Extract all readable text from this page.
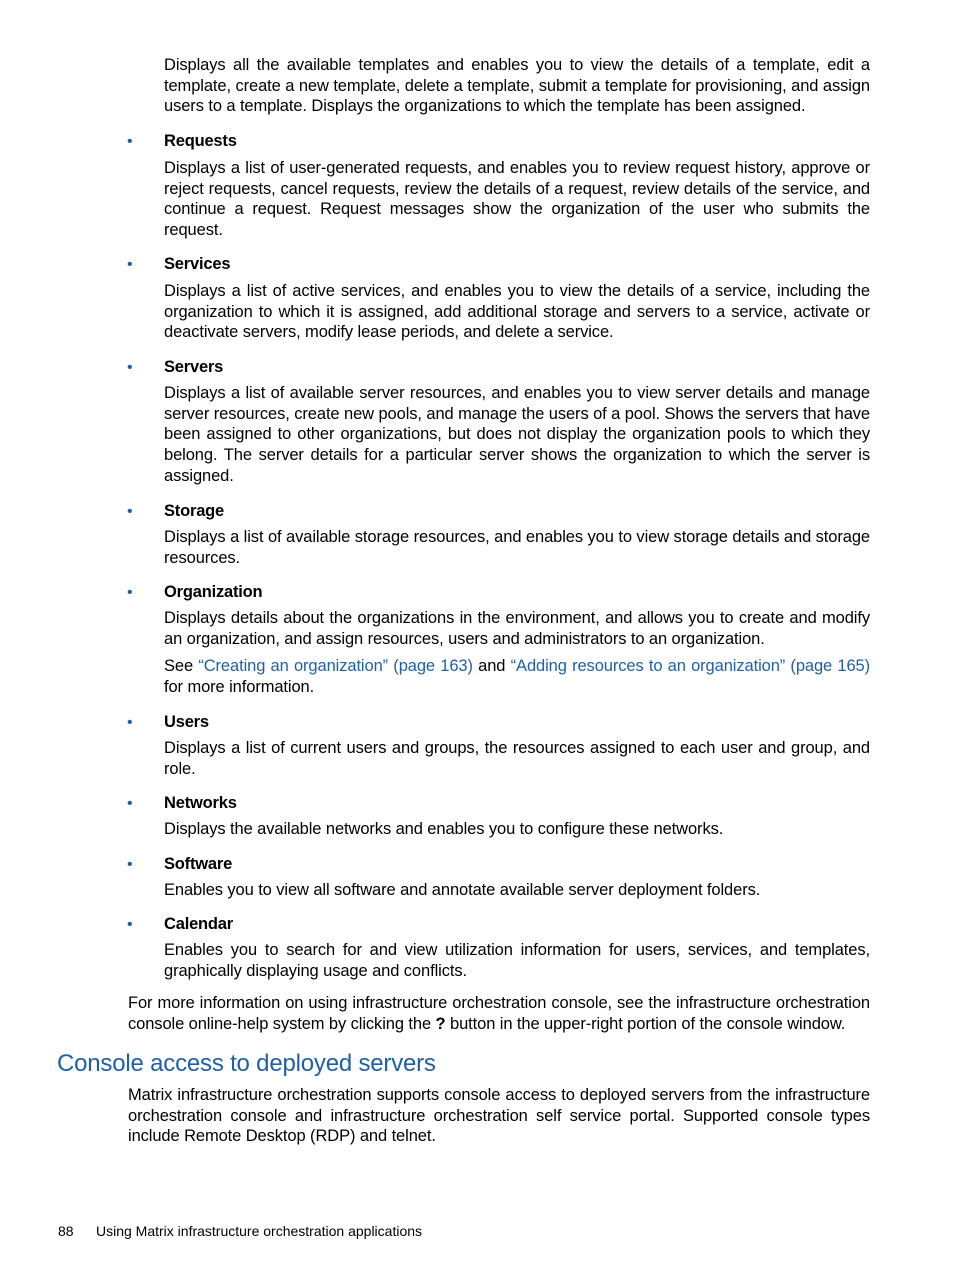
Displays all the available templates and enables you to view the details of a template, edit a template, create a new template, delete a template, submit a template for provisioning, and assign users to a template. Displays the organizations to which the template has been assigned.

• Requests

Displays a list of user-generated requests, and enables you to review request history, approve or reject requests, cancel requests, review the details of a request, review details of the service, and continue a request. Request messages show the organization of the user who submits the request.

• Services

Displays a list of active services, and enables you to view the details of a service, including the organization to which it is assigned, add additional storage and servers to a service, activate or deactivate servers, modify lease periods, and delete a service.

• Servers

Displays a list of available server resources, and enables you to view server details and manage server resources, create new pools, and manage the users of a pool. Shows the servers that have been assigned to other organizations, but does not display the organization pools to which they belong. The server details for a particular server shows the organization to which the server is assigned.

• Storage

Displays a list of available storage resources, and enables you to view storage details and storage resources.

• Organization

Displays details about the organizations in the environment, and allows you to create and modify an organization, and assign resources, users and administrators to an organization.

See “Creating an organization” (page 163) and “Adding resources to an organization” (page 165) for more information.

• Users

Displays a list of current users and groups, the resources assigned to each user and group, and role.

• Networks

Displays the available networks and enables you to configure these networks.

• Software

Enables you to view all software and annotate available server deployment folders.

• Calendar

Enables you to search for and view utilization information for users, services, and templates, graphically displaying usage and conflicts.

For more information on using infrastructure orchestration console, see the infrastructure orchestration console online-help system by clicking the ? button in the upper-right portion of the console window.

Console access to deployed servers

Matrix infrastructure orchestration supports console access to deployed servers from the infrastructure orchestration console and infrastructure orchestration self service portal. Supported console types include Remote Desktop (RDP) and telnet.

88 Using Matrix infrastructure orchestration applications
